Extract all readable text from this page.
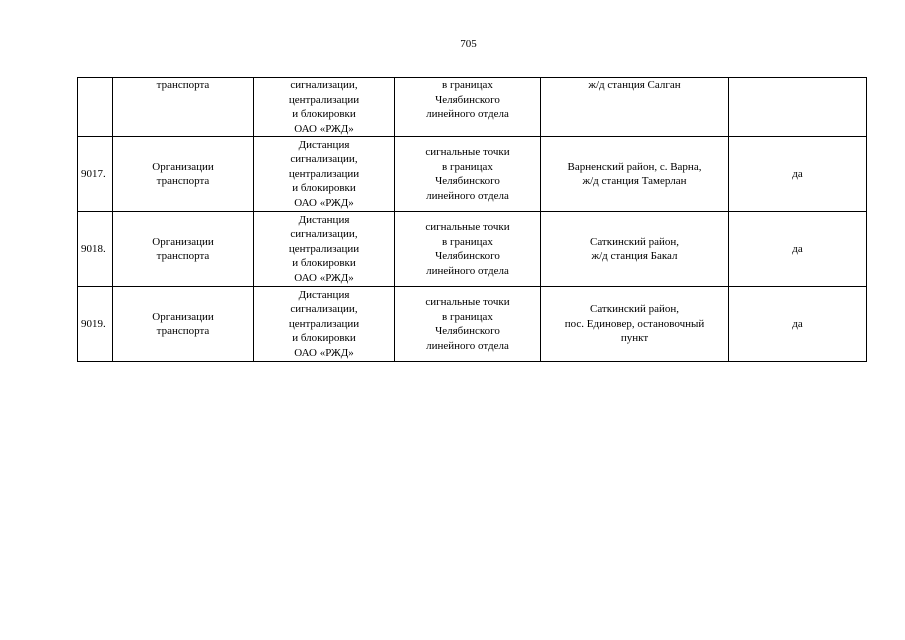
705

	транспорта	сигнализации,
централизации
и блокировки
ОАО «РЖД»	в границах
Челябинского
линейного отдела	ж/д станция Салган	

9017.	Организации
транспорта	Дистанция
сигнализации,
централизации
и блокировки
ОАО «РЖД»	сигнальные точки
в границах
Челябинского
линейного отдела	Варненский район, с. Варна,
ж/д станция Тамерлан	да
9018.	Организации
транспорта	Дистанция
сигнализации,
централизации
и блокировки
ОАО «РЖД»	сигнальные точки
в границах
Челябинского
линейного отдела	Саткинский район,
ж/д станция Бакал	да
9019.	Организации
транспорта	Дистанция
сигнализации,
централизации
и блокировки
ОАО «РЖД»	сигнальные точки
в границах
Челябинского
линейного отдела	Саткинский район,
пос. Единовер, остановочный
пункт	да
